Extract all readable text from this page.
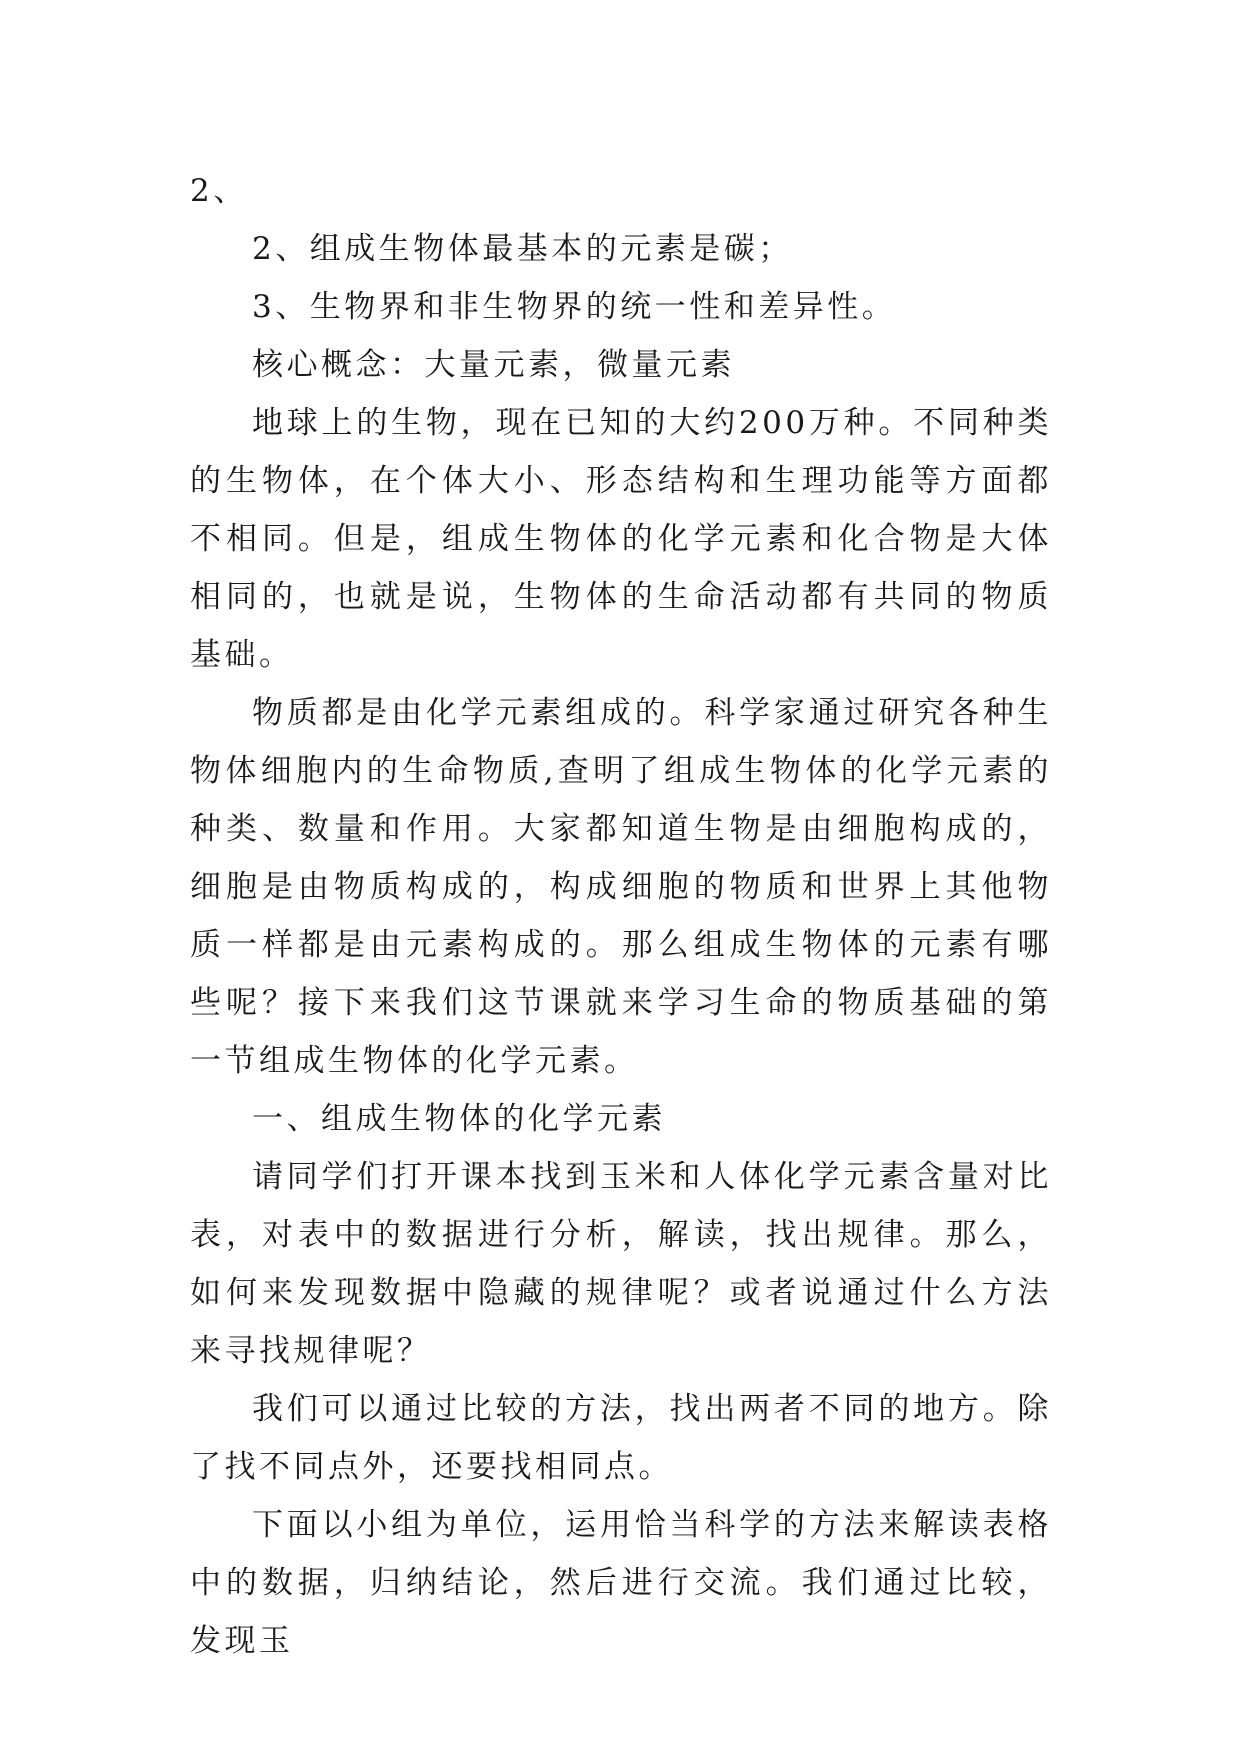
2、

2、组成生物体最基本的元素是碳；

3、生物界和非生物界的统一性和差异性。

核心概念：大量元素，微量元素

地球上的生物，现在已知的大约200万种。不同种类的生物体，在个体大小、形态结构和生理功能等方面都不相同。但是，组成生物体的化学元素和化合物是大体相同的，也就是说，生物体的生命活动都有共同的物质基础。

物质都是由化学元素组成的。科学家通过研究各种生物体细胞内的生命物质,查明了组成生物体的化学元素的种类、数量和作用。大家都知道生物是由细胞构成的，细胞是由物质构成的，构成细胞的物质和世界上其他物质一样都是由元素构成的。那么组成生物体的元素有哪些呢？接下来我们这节课就来学习生命的物质基础的第一节组成生物体的化学元素。

一、组成生物体的化学元素

请同学们打开课本找到玉米和人体化学元素含量对比表，对表中的数据进行分析，解读，找出规律。那么，如何来发现数据中隐藏的规律呢？或者说通过什么方法来寻找规律呢？

我们可以通过比较的方法，找出两者不同的地方。除了找不同点外，还要找相同点。

下面以小组为单位，运用恰当科学的方法来解读表格中的数据，归纳结论，然后进行交流。我们通过比较，发现玉
